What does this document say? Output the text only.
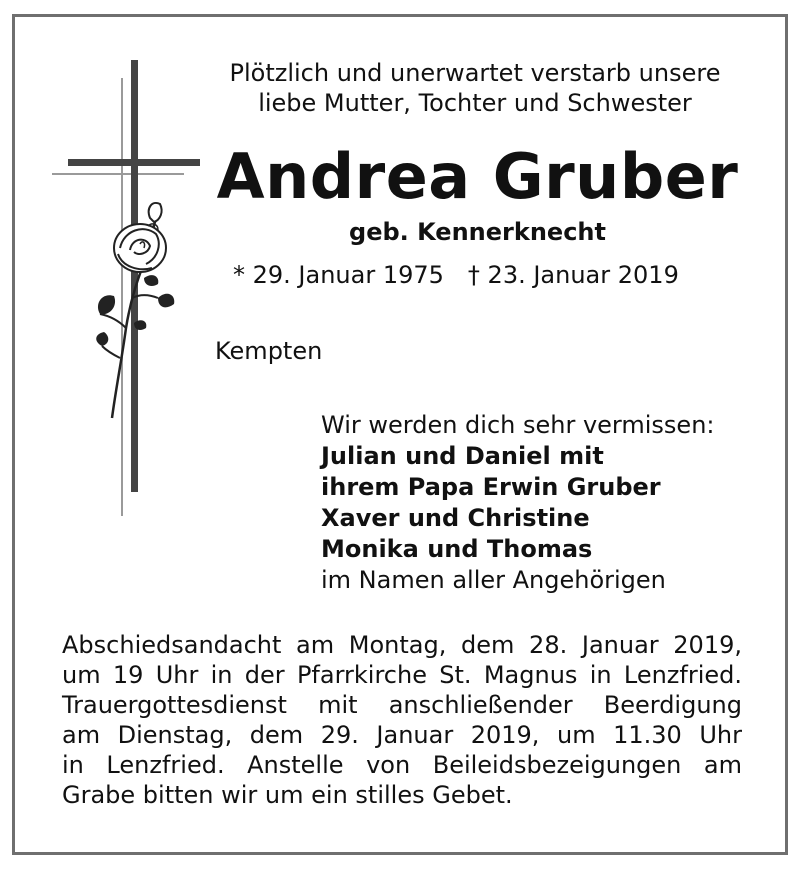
Plötzlich und unerwartet verstarb unsere
liebe Mutter, Tochter und Schwester
Andrea Gruber
geb. Kennerknecht
* 29. Januar 1975 † 23. Januar 2019
Kempten
Wir werden dich sehr vermissen:
Julian und Daniel mit
ihrem Papa Erwin Gruber
Xaver und Christine
Monika und Thomas
im Namen aller Angehörigen
Abschiedsandacht am Montag, dem 28. Januar 2019,
um 19 Uhr in der Pfarrkirche St. Magnus in Lenzfried.
Trauergottesdienst mit anschließender Beerdigung
am Dienstag, dem 29. Januar 2019, um 11.30 Uhr
in Lenzfried. Anstelle von Beileidsbezeigungen am
Grabe bitten wir um ein stilles Gebet.
